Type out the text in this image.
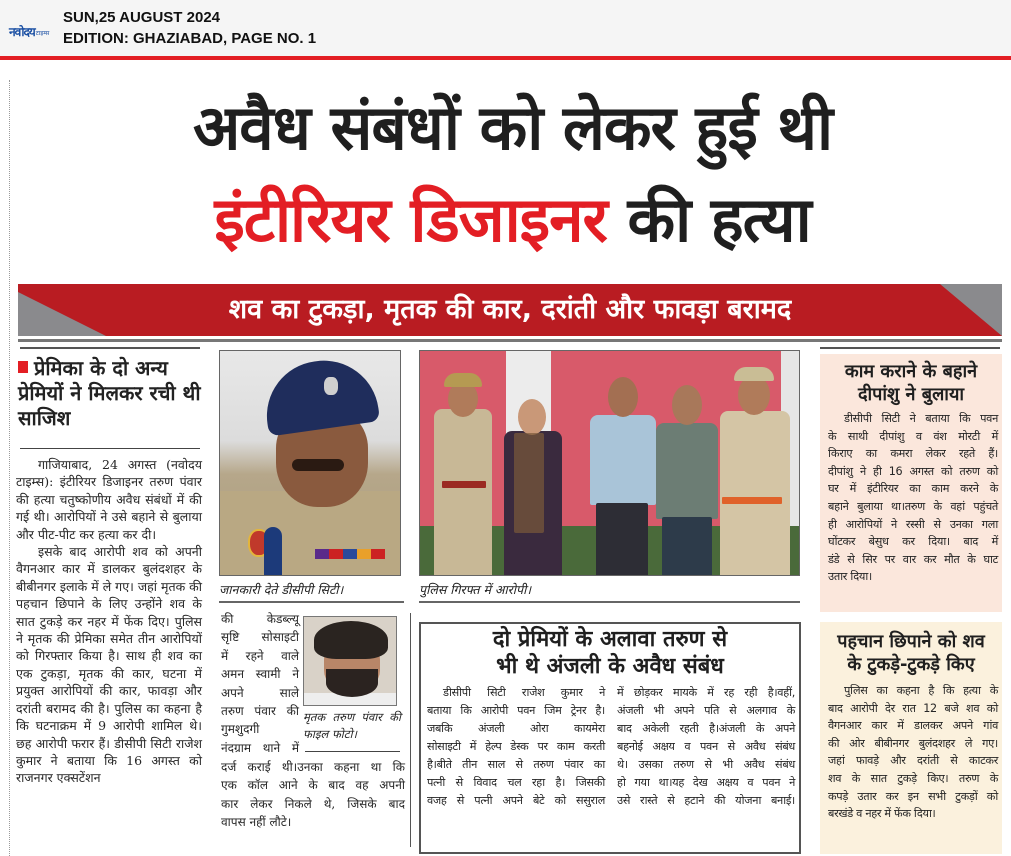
नवोदय टाइम्स
SUN,25 AUGUST 2024
EDITION: GHAZIABAD, PAGE NO. 1
अवैध संबंधों को लेकर हुई थी
इंटीरियर डिजाइनर की हत्या
शव का टुकड़ा, मृतक की कार, दरांती और फावड़ा बरामद
प्रेमिका के दो अन्य प्रेमियों ने मिलकर रची थी साजिश

गाजियाबाद, 24 अगस्त (नवोदय टाइम्स): इंटीरियर डिजाइनर तरुण पंवार की हत्या चतुष्कोणीय अवैध संबंधों में की गई थी। आरोपियों ने उसे बहाने से बुलाया और पीट-पीट कर हत्या कर दी।

इसके बाद आरोपी शव को अपनी वैगनआर कार में डालकर बुलंदशहर के बीबीनगर इलाके में ले गए। जहां मृतक की पहचान छिपाने के लिए उन्होंने शव के सात टुकड़े कर नहर में फेंक दिए। पुलिस ने मृतक की प्रेमिका समेत तीन आरोपियों को गिरफ्तार किया है। साथ ही शव का एक टुकड़ा, मृतक की कार, घटना में प्रयुक्त आरोपियों की कार, फावड़ा और दरांती बरामद की है। पुलिस का कहना है कि घटनाक्रम में 9 आरोपी शामिल थे। छह आरोपी फरार हैं। डीसीपी सिटी राजेश कुमार ने बताया कि 16 अगस्त को राजनगर एक्सटेंशन

जानकारी देते डीसीपी सिटी।	पुलिस गिरफ्त में आरोपी।
की केडब्ल्यू
सृष्टि सोसाइटी
में रहने वाले
अमन स्वामी ने
अपने साले
तरुण पंवार की
गुमशुदगी
नंदग्राम थाने में
मृतक तरुण पंवार की फाइल फोटो।
दर्ज कराई थी।उनका कहना था कि
एक कॉल आने के बाद वह अपनी
कार लेकर निकले थे, जिसके बाद
वापस नहीं लौटे।
दो प्रेमियों के अलावा तरुण से
भी थे अंजली के अवैध संबंध
डीसीपी सिटी राजेश कुमार ने
बताया कि आरोपी पवन जिम ट्रेनर है।
जबकि अंजली ओरा कायमेरा
सोसाइटी में हेल्प डेस्क पर काम करती
है।बीते तीन साल से तरुण पंवार का
पत्नी से विवाद चल रहा है। जिसकी
वजह से पत्नी अपने बेटे को ससुराल
में छोड़कर मायके में रह रही है।वहीं,
अंजली भी अपने पति से अलगाव के
बाद अकेली रहती है।अंजली के अपने
बहनोई अक्षय व पवन से अवैध संबंध
थे। उसका तरुण से भी अवैध संबंध
हो गया था।यह देख अक्षय व पवन ने
उसे रास्ते से हटाने की योजना बनाई।
काम कराने के बहाने
दीपांशु ने बुलाया
डीसीपी सिटी ने बताया कि पवन
के साथी दीपांशु व वंश मोरटी में
किराए का कमरा लेकर रहते हैं।
दीपांशु ने ही 16 अगस्त को तरुण को
घर में इंटीरियर का काम करने के
बहाने बुलाया था।तरुण के वहां पहुंचते
ही आरोपियों ने रस्सी से उनका गला
घोंटकर बेसुध कर दिया। बाद में
डंडे से सिर पर वार कर मौत के घाट
उतार दिया।
पहचान छिपाने को शव
के टुकड़े-टुकड़े किए
पुलिस का कहना है कि हत्या के
बाद आरोपी देर रात 12 बजे शव को
वैगनआर कार में डालकर अपने गांव
की ओर बीबीनगर बुलंदशहर ले गए।
जहां फावड़े और दरांती से काटकर
शव के सात टुकड़े किए। तरुण के
कपड़े उतार कर इन सभी टुकड़ों को
बरखंडे व नहर में फेंक दिया।
